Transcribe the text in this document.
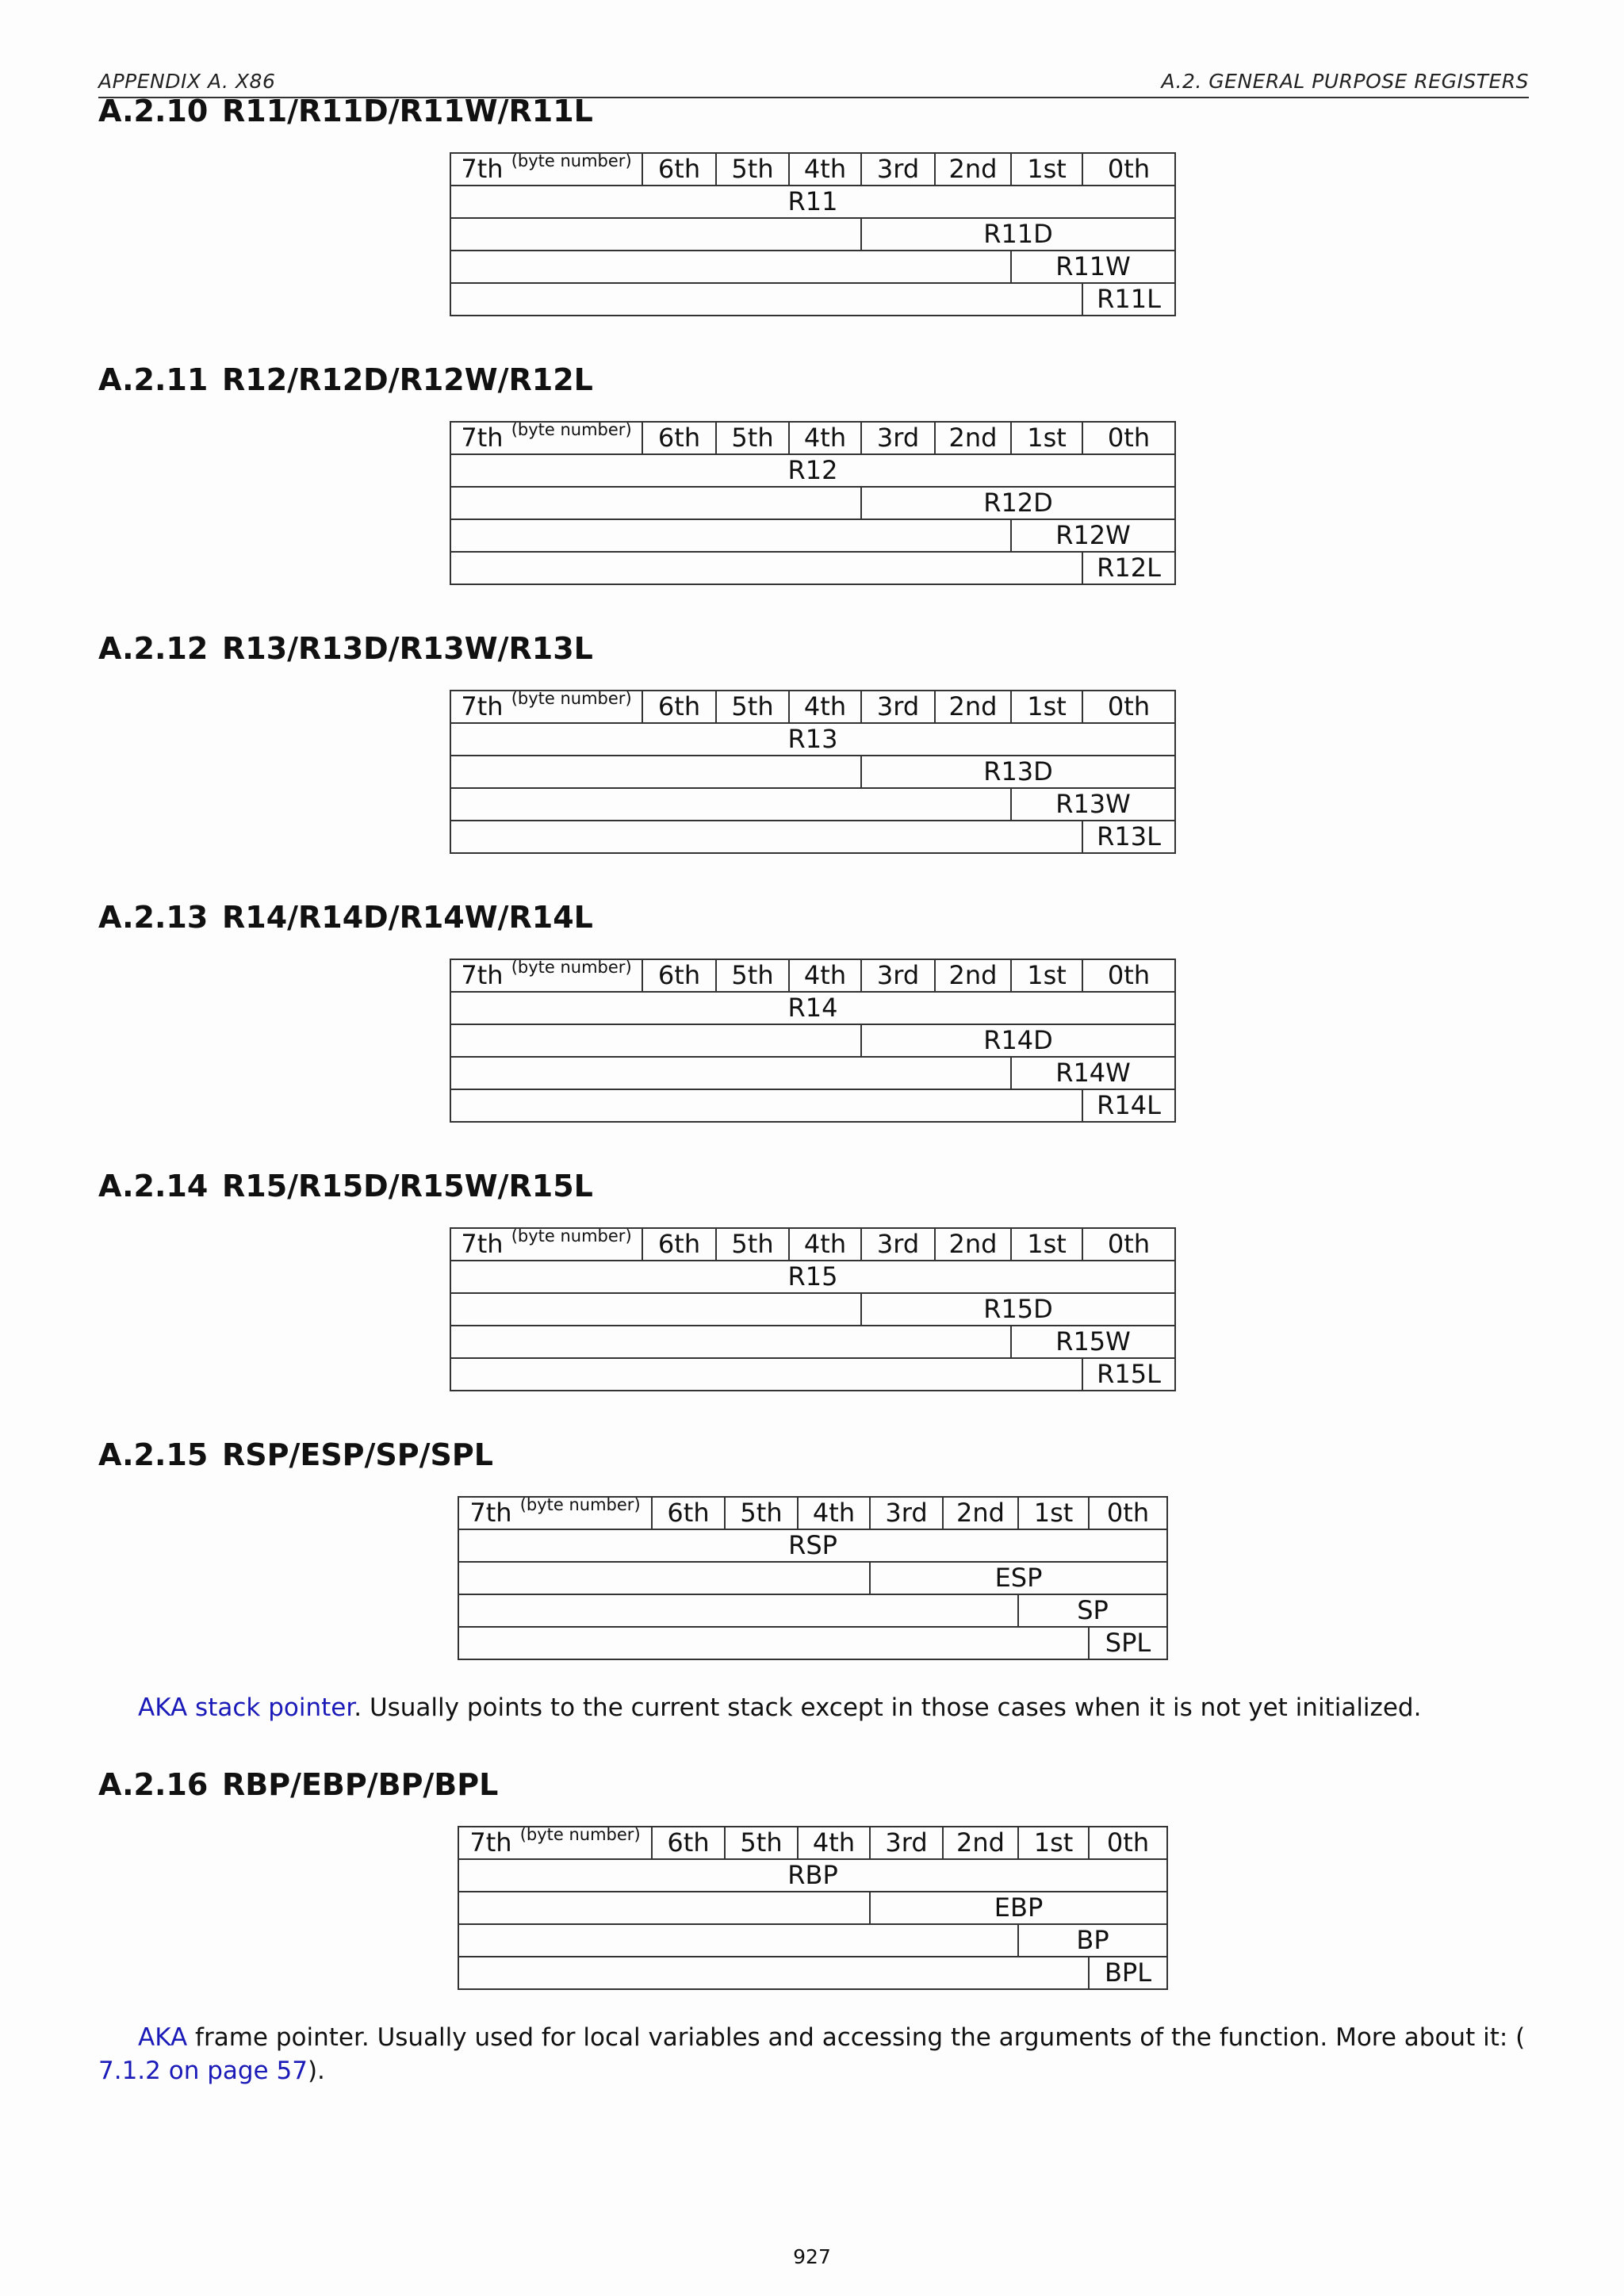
APPENDIX A. X86	A.2. GENERAL PURPOSE REGISTERS
A.2.10 R11/R11D/R11W/R11L
7th $^{(byte number)}$	6th	5th	4th	3rd	2nd	1st	0th
R11							
				R11D			
						R11W	
							R11L
A.2.11 R12/R12D/R12W/R12L
7th $^{(byte number)}$	6th	5th	4th	3rd	2nd	1st	0th
R12							
				R12D			
						R12W	
							R12L
A.2.12 R13/R13D/R13W/R13L
7th $^{(byte number)}$	6th	5th	4th	3rd	2nd	1st	0th
R13							
				R13D			
						R13W	
							R13L
A.2.13 R14/R14D/R14W/R14L
7th $^{(byte number)}$	6th	5th	4th	3rd	2nd	1st	0th
R14							
				R14D			
						R14W	
							R14L
A.2.14 R15/R15D/R15W/R15L
7th $^{(byte number)}$	6th	5th	4th	3rd	2nd	1st	0th
R15							
				R15D			
						R15W	
							R15L
A.2.15 RSP/ESP/SP/SPL
7th $^{(byte number)}$	6th	5th	4th	3rd	2nd	1st	0th
RSP							
				ESP			
						SP	
							SPL

AKA stack pointer. Usually points to the current stack except in those cases when it is not yet initialized.

A.2.16 RBP/EBP/BP/BPL
7th $^{(byte number)}$	6th	5th	4th	3rd	2nd	1st	0th
RBP							
				EBP			
						BP	
							BPL

AKA frame pointer. Usually used for local variables and accessing the arguments of the function. More about it: ( 7.1.2 on page 57).

927
